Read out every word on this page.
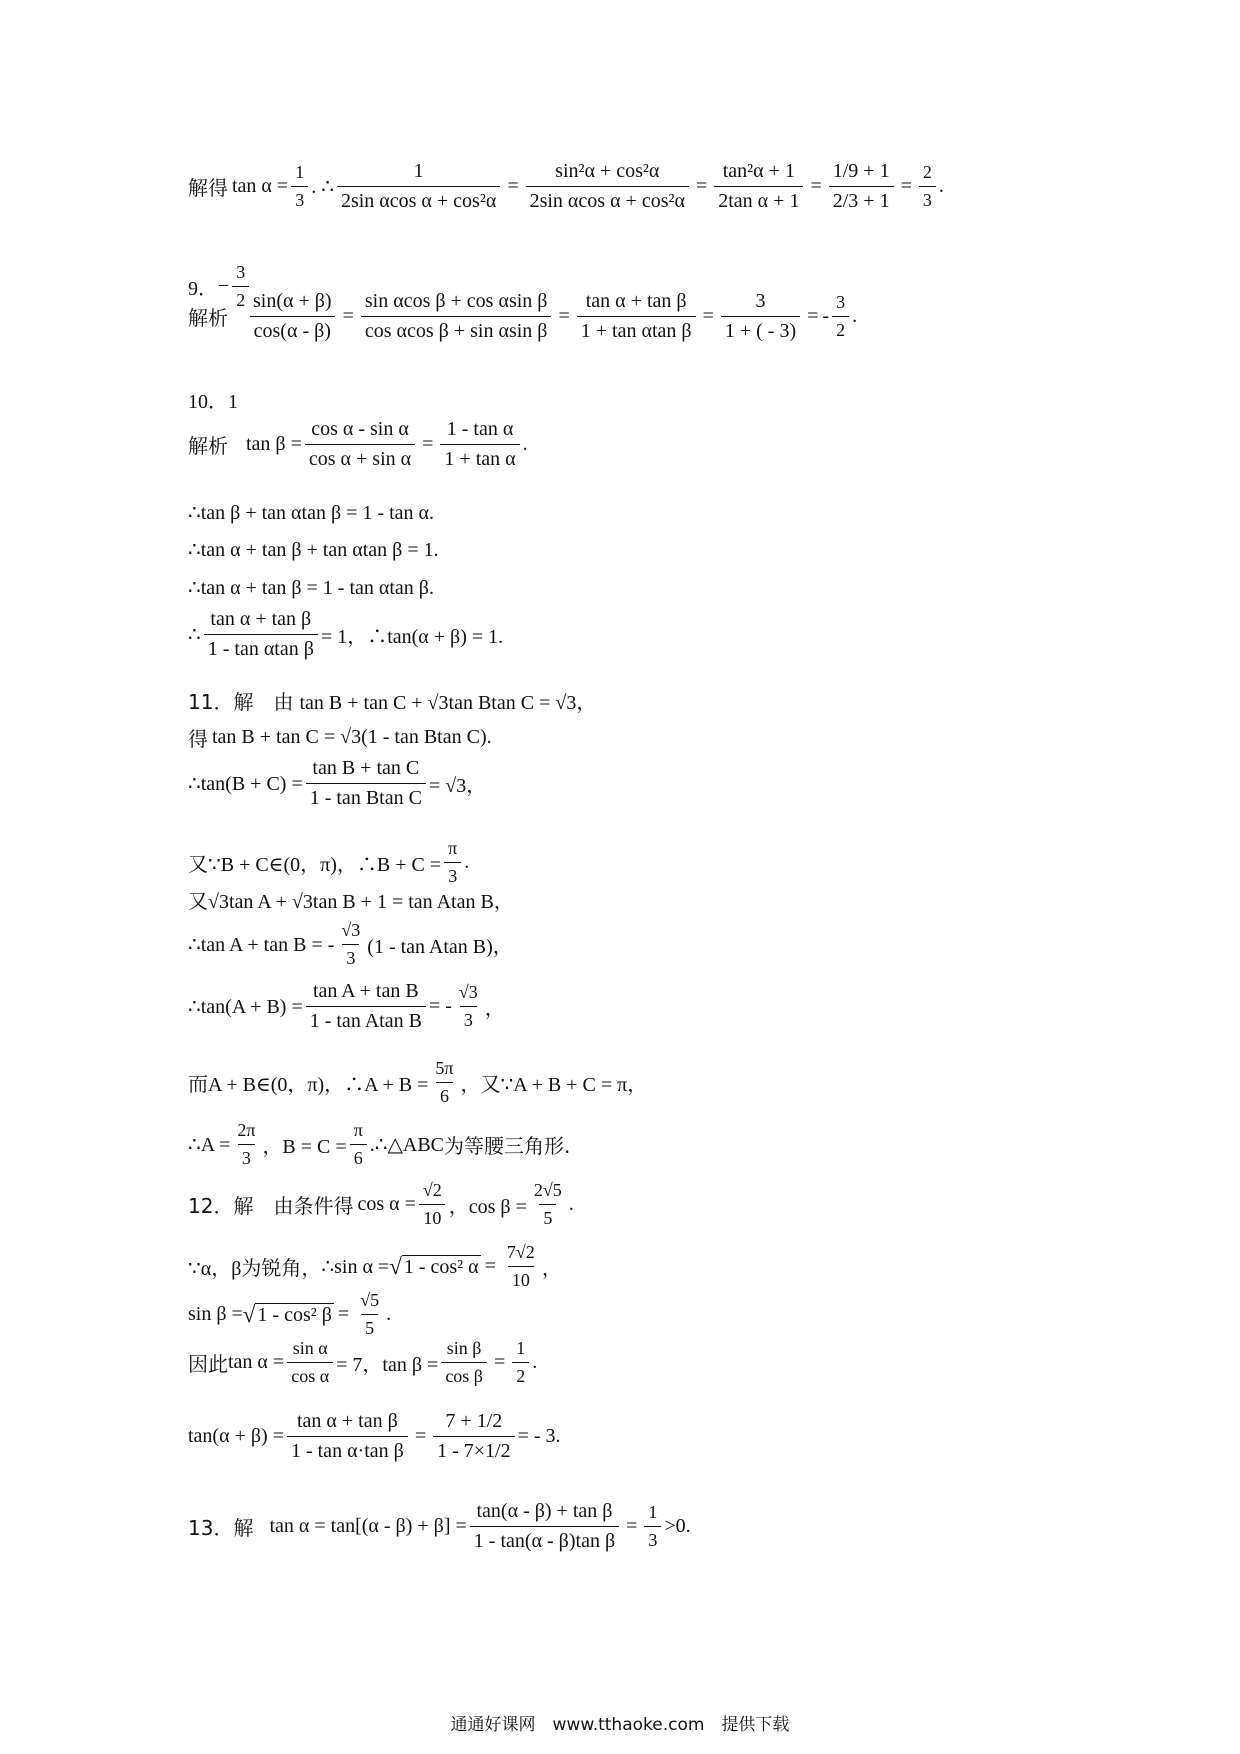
解得 $\tan \alpha = \frac{1}{3}$ . ∴ $\frac{1}{\text{2sin αcos α + cos²α}} = \frac{\text{sin²α + cos²α}}{\text{2sin αcos α + cos²α}} = \frac{\text{tan²α + 1}}{\text{2tan α + 1}} = \frac{1/9 + 1}{2/3 + 1} = \frac{2}{3}$ .
9． − $\frac{3}{2}$
解析 $\frac{\sin(\alpha + \beta)}{\cos(\alpha - \beta)} = \frac{\text{sin αcos β + cos αsin β}}{\text{cos αcos β + sin αsin β}} = \frac{\text{tan α + tan β}}{\text{1 + tan αtan β}} = \frac{3}{1 + ( - 3)}$ = - $\frac{3}{2}$ .
10．1
解析 $\tan \beta = \frac{\text{cos α - sin α}}{\text{cos α + sin α}} = \frac{\text{1 - tan α}}{\text{1 + tan α}}$ .
∴tan β + tan αtan β = 1 - tan α.
∴tan α + tan β + tan αtan β = 1.
∴tan α + tan β = 1 - tan αtan β.
∴ $\frac{\text{tan α + tan β}}{\text{1 - tan αtan β}} = 1$，∴tan(α + β) = 1.
11．解　由 tan B + tan C + √3tan Btan C = √3，
得 tan B + tan C = √3(1 - tan Btan C).
∴tan(B + $C) = \frac{\text{tan B + tan C}}{\text{1 - tan Btan C}} = √3$，
又 ∵B + C∈(0，π)，∴B + $C = \frac{\pi}{3}$ .
又 √3tan A + √3tan B + 1 = tan Atan B，
∴tan A + tan B = - $\frac{√3}{3} (1$ - tan Atan B)，
∴tan(A + $B) = \frac{\text{tan A + tan B}}{\text{1 - tan Atan B}}$ = - $\frac{√3}{3}$ ，
而 A + B∈(0，π)，∴A + $B = \frac{5\pi}{6}$ ，又 ∵A + B + C = π，
∴A = $\frac{2\pi}{3}$ ，$B = C = \frac{\pi}{6}$ .∴△ABC 为等腰三角形.
12．解　由条件得 $\cos \alpha = \frac{√2}{10}$ ，$\cos \beta = \frac{2√5}{5}$ .
∵α，β 为锐角， ∴sin α = √ 1 - cos² $\alpha = \frac{7√2}{10}$ ，
sin β = √ 1 - cos² $\beta = \frac{√5}{5}$ .
因此 $\tan \alpha = \frac{\text{sin α}}{\text{cos α}} = 7$，$\tan \beta = \frac{\text{sin β}}{\text{cos β}} = \frac{1}{2}$ .
$\tan(\alpha + \beta) = \frac{\text{tan α + tan β}}{\text{1 - tan α·tan β}} = \frac{7 + 1/2}{1 - 7\times 1/2}$ = - 3.
13．解 $\tan \alpha = \tan[(\alpha - \beta) + \beta] = \frac{\text{tan(α - β) + tan β}}{\text{1 - tan(α - β)tan β}} = \frac{1}{3} >0$.
通通好课网　www.tthaoke.com　提供下载
